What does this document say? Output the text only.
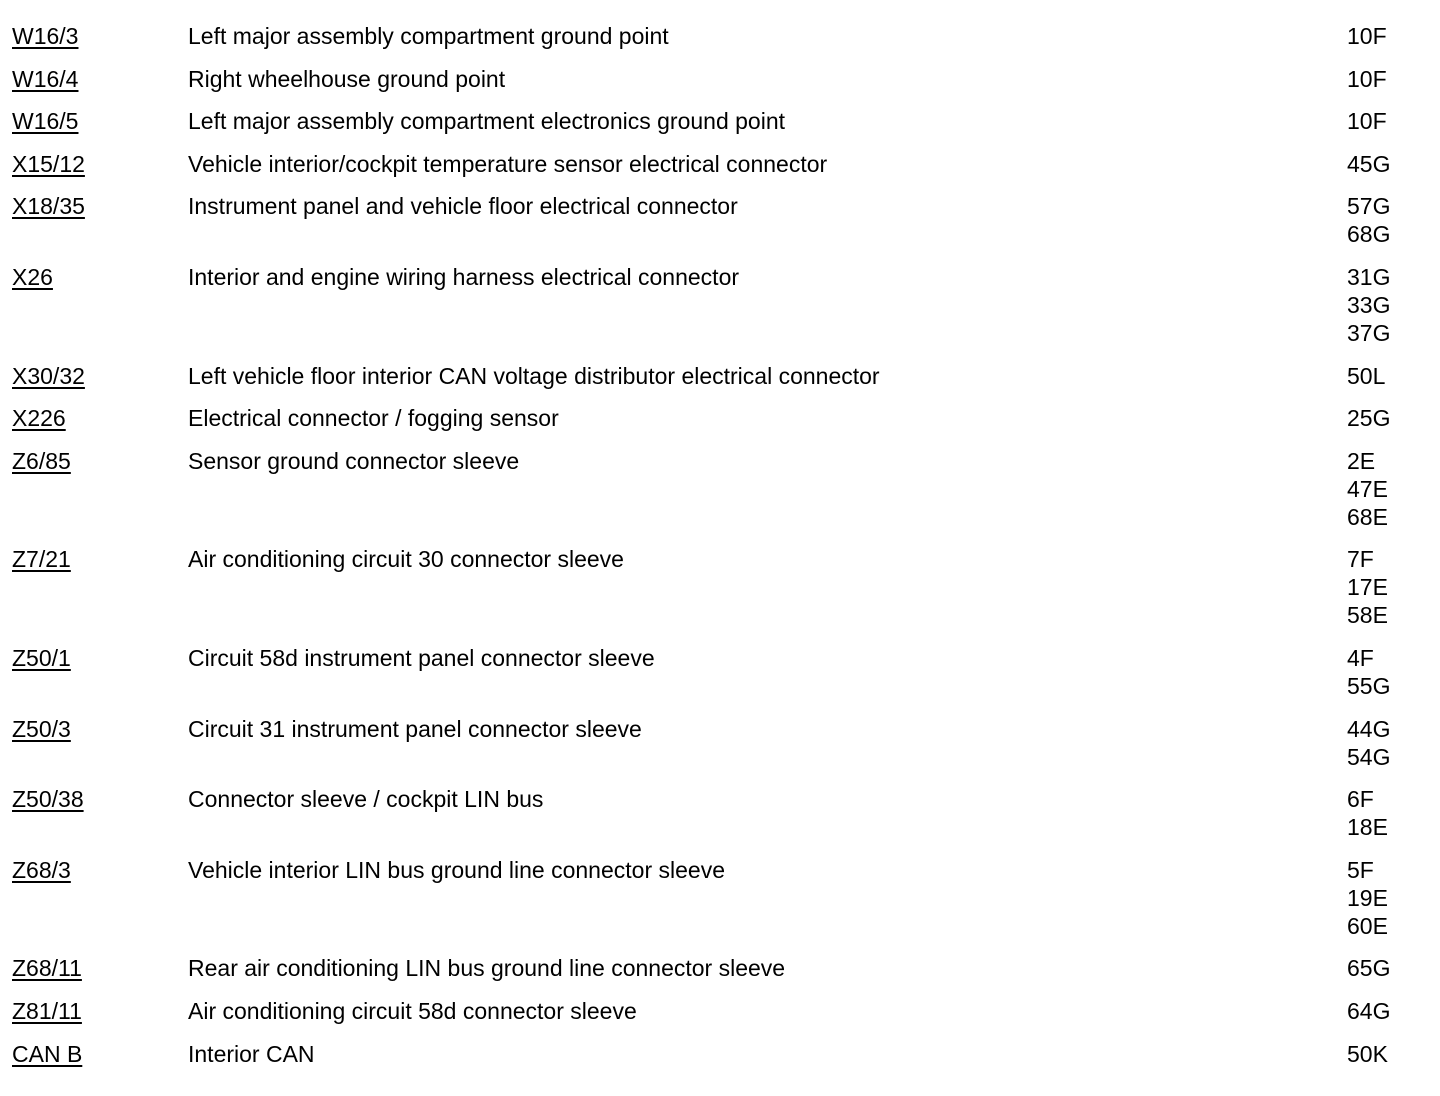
W16/3	Left major assembly compartment ground point	10F
W16/4	Right wheelhouse ground point	10F
W16/5	Left major assembly compartment electronics ground point	10F
X15/12	Vehicle interior/cockpit temperature sensor electrical connector	45G
X18/35	Instrument panel and vehicle floor electrical connector	57G
68G
X26	Interior and engine wiring harness electrical connector	31G
33G
37G
X30/32	Left vehicle floor interior CAN voltage distributor electrical connector	50L
X226	Electrical connector / fogging sensor	25G
Z6/85	Sensor ground connector sleeve	2E
47E
68E
Z7/21	Air conditioning circuit 30 connector sleeve	7F
17E
58E
Z50/1	Circuit 58d instrument panel connector sleeve	4F
55G
Z50/3	Circuit 31 instrument panel connector sleeve	44G
54G
Z50/38	Connector sleeve / cockpit LIN bus	6F
18E
Z68/3	Vehicle interior LIN bus ground line connector sleeve	5F
19E
60E
Z68/11	Rear air conditioning LIN bus ground line connector sleeve	65G
Z81/11	Air conditioning circuit 58d connector sleeve	64G
CAN B	Interior CAN	50K
